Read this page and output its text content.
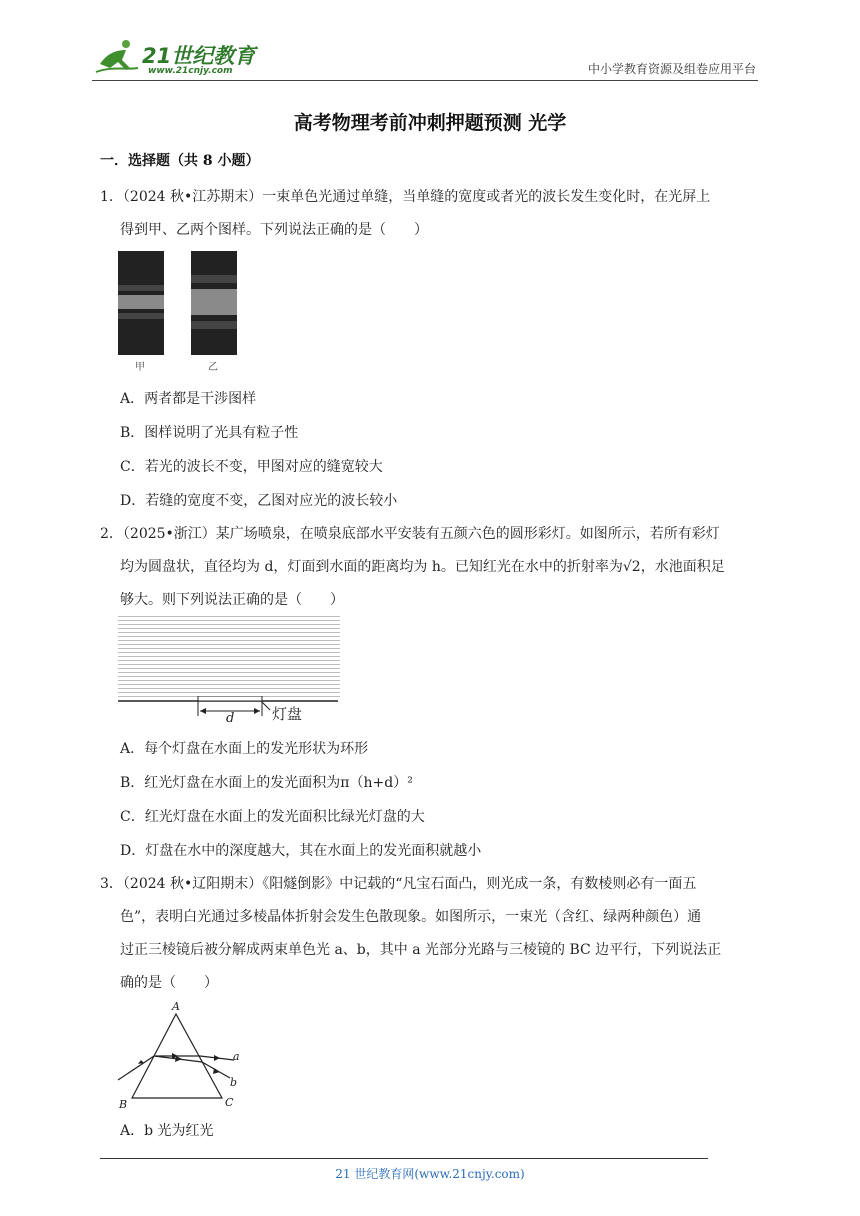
21世纪教育
www.21cnjy.com	中小学教育资源及组卷应用平台
高考物理考前冲刺押题预测 光学
一．选择题（共 8 小题）
1．（2024 秋•江苏期末）一束单色光通过单缝，当单缝的宽度或者光的波长发生变化时，在光屏上
得到甲、乙两个图样。下列说法正确的是（　　）
甲	乙
A．两者都是干涉图样
B．图样说明了光具有粒子性
C．若光的波长不变，甲图对应的缝宽较大
D．若缝的宽度不变，乙图对应光的波长较小
2．（2025•浙江）某广场喷泉，在喷泉底部水平安装有五颜六色的圆形彩灯。如图所示，若所有彩灯
均为圆盘状，直径均为 d，灯面到水面的距离均为 h。已知红光在水中的折射率为√2，水池面积足
够大。则下列说法正确的是（　　）
d	灯盘
A．每个灯盘在水面上的发光形状为环形
B．红光灯盘在水面上的发光面积为π（h+d）²
C．红光灯盘在水面上的发光面积比绿光灯盘的大
D．灯盘在水中的深度越大，其在水面上的发光面积就越小
3．（2024 秋•辽阳期末）《阳燧倒影》中记载的“凡宝石面凸，则光成一条，有数棱则必有一面五
色”，表明白光通过多棱晶体折射会发生色散现象。如图所示，一束光（含红、绿两种颜色）通
过正三棱镜后被分解成两束单色光 a、b，其中 a 光部分光路与三棱镜的 BC 边平行，下列说法正
确的是（　　）
A
B	C
a
b
A．b 光为红光
21 世纪教育网(www.21cnjy.com)
